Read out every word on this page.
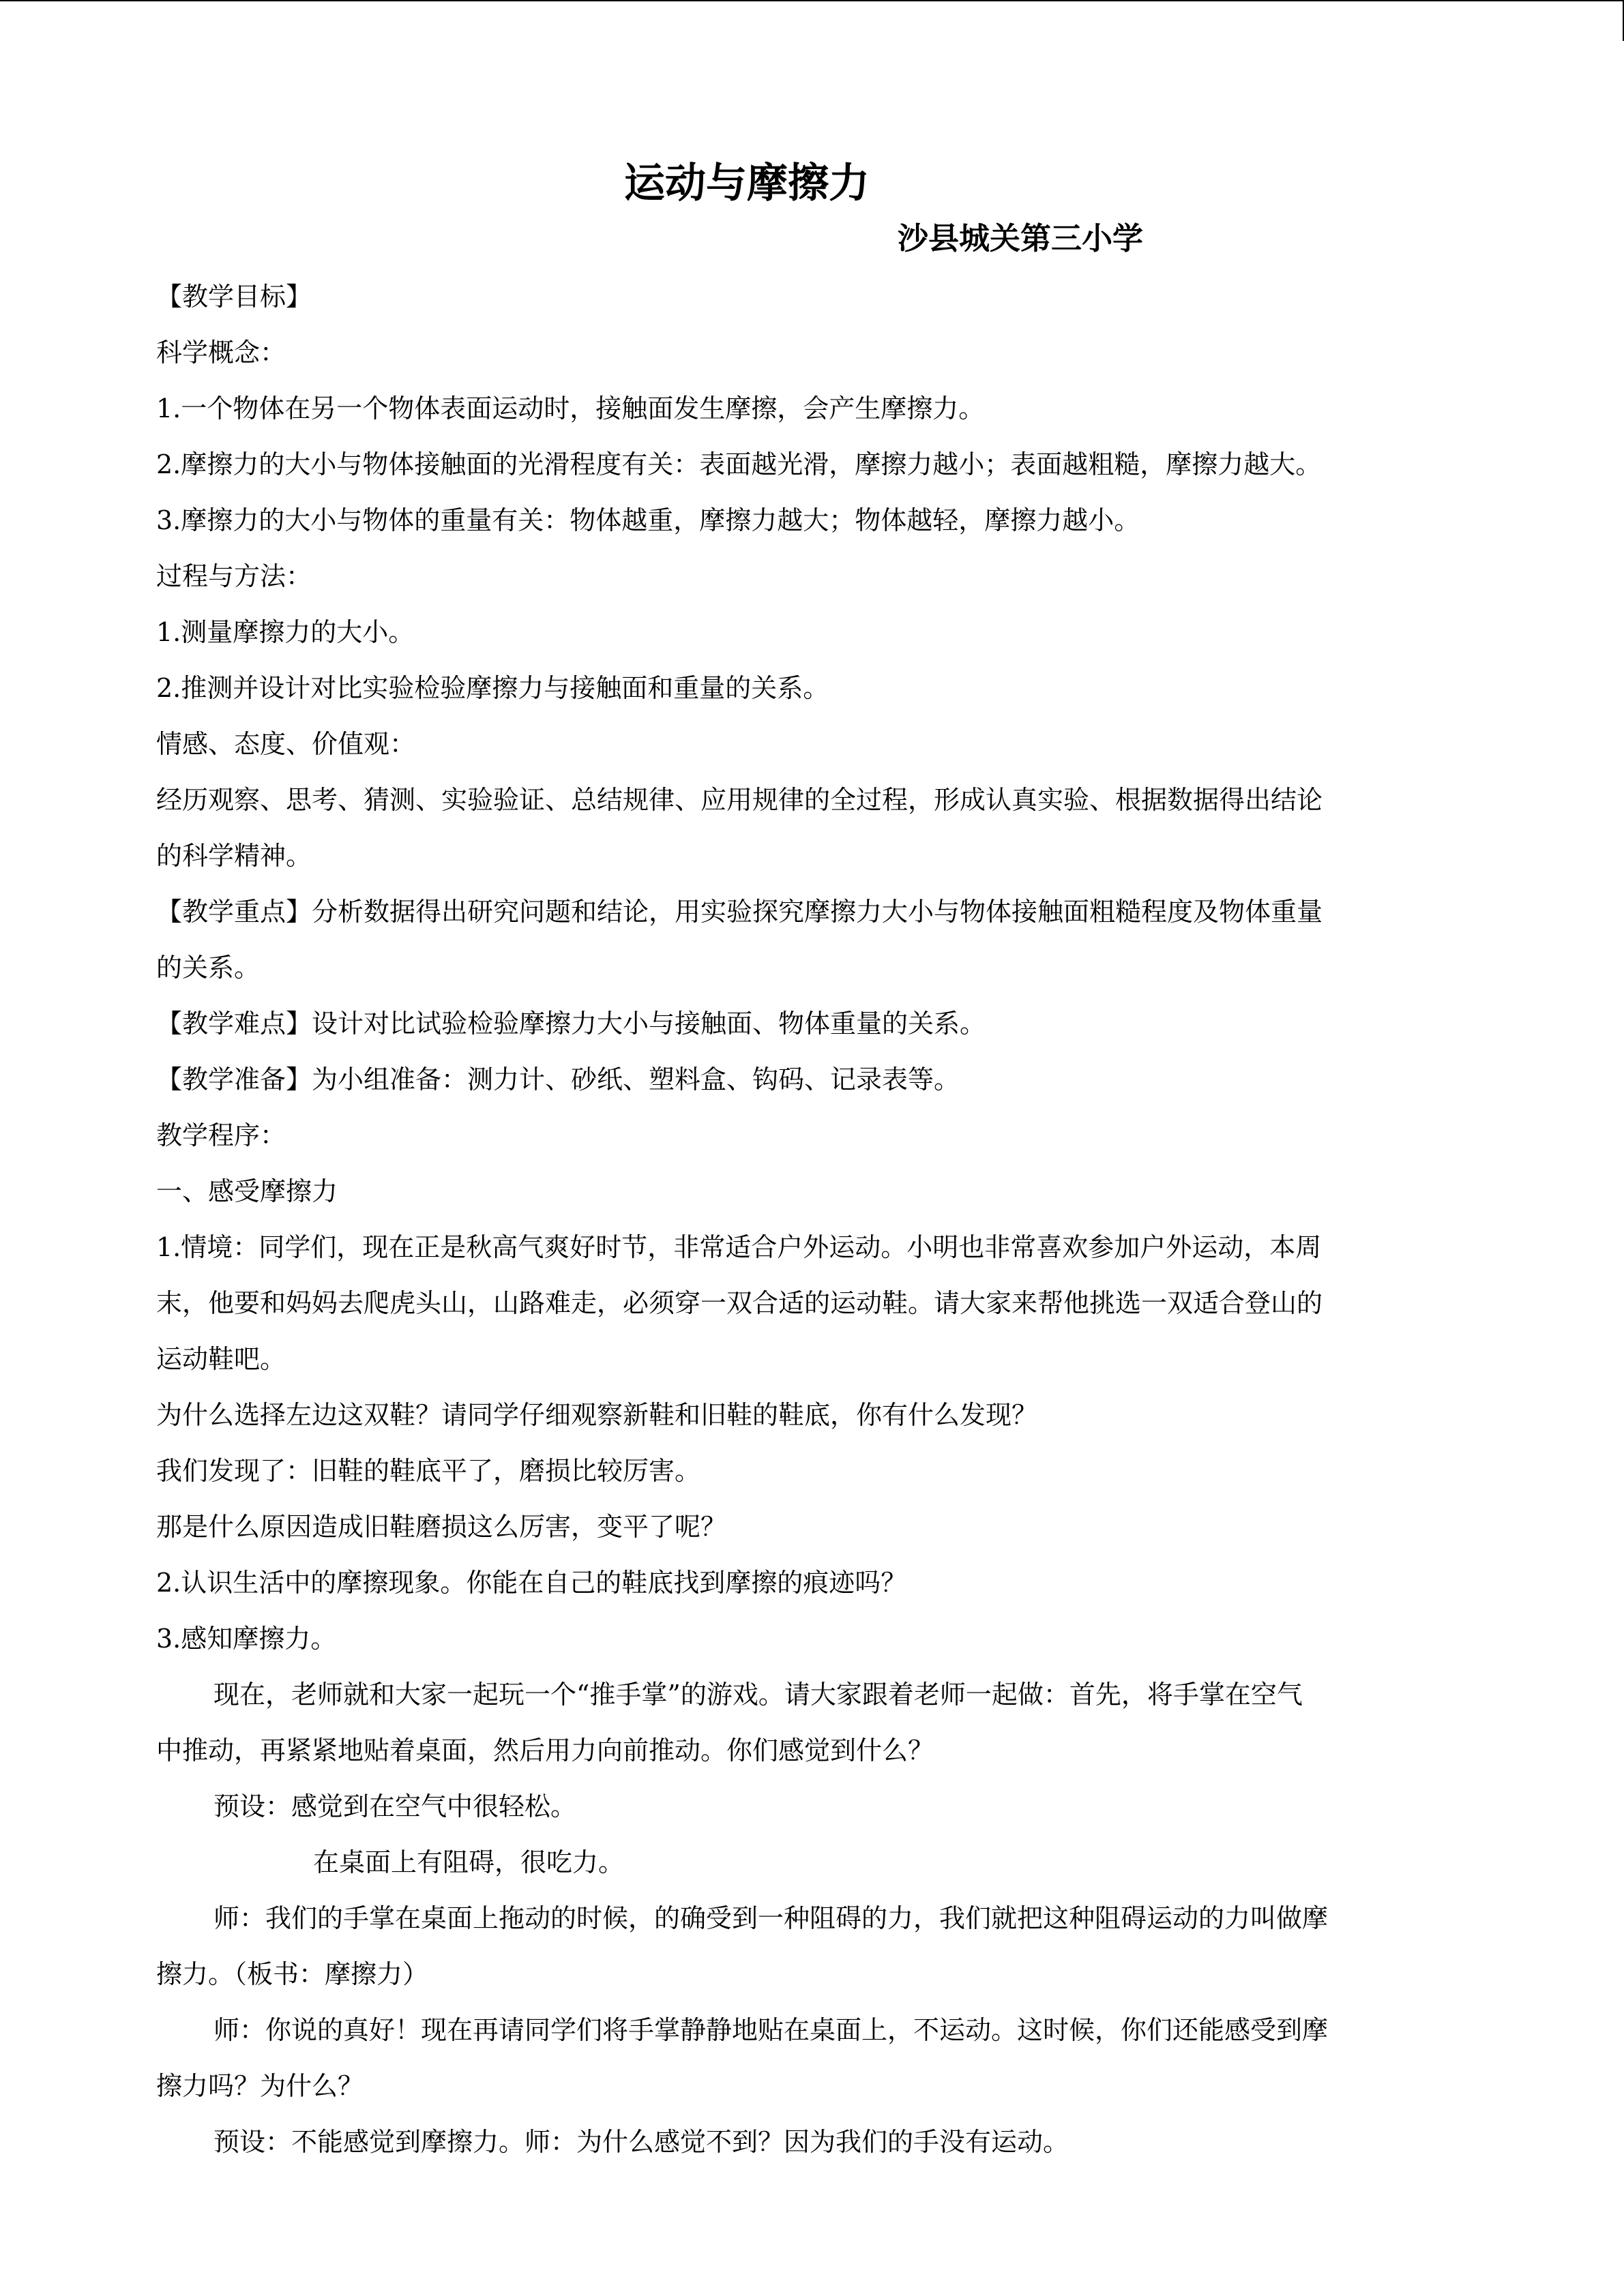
运动与摩擦力
沙县城关第三小学
【教学目标】
科学概念：
1.一个物体在另一个物体表面运动时，接触面发生摩擦，会产生摩擦力。
2.摩擦力的大小与物体接触面的光滑程度有关：表面越光滑，摩擦力越小；表面越粗糙，摩擦力越大。
3.摩擦力的大小与物体的重量有关：物体越重，摩擦力越大；物体越轻，摩擦力越小。
过程与方法：
1.测量摩擦力的大小。
2.推测并设计对比实验检验摩擦力与接触面和重量的关系。
情感、态度、价值观：
经历观察、思考、猜测、实验验证、总结规律、应用规律的全过程，形成认真实验、根据数据得出结论
的科学精神。
【教学重点】分析数据得出研究问题和结论，用实验探究摩擦力大小与物体接触面粗糙程度及物体重量
的关系。
【教学难点】设计对比试验检验摩擦力大小与接触面、物体重量的关系。
【教学准备】为小组准备：测力计、砂纸、塑料盒、钩码、记录表等。
教学程序：
一、感受摩擦力
1.情境：同学们，现在正是秋高气爽好时节，非常适合户外运动。小明也非常喜欢参加户外运动，本周
末，他要和妈妈去爬虎头山，山路难走，必须穿一双合适的运动鞋。请大家来帮他挑选一双适合登山的
运动鞋吧。
为什么选择左边这双鞋？请同学仔细观察新鞋和旧鞋的鞋底，你有什么发现？
我们发现了：旧鞋的鞋底平了，磨损比较厉害。
那是什么原因造成旧鞋磨损这么厉害，变平了呢？
2.认识生活中的摩擦现象。你能在自己的鞋底找到摩擦的痕迹吗？
3.感知摩擦力。
现在，老师就和大家一起玩一个“推手掌”的游戏。请大家跟着老师一起做：首先，将手掌在空气
中推动，再紧紧地贴着桌面，然后用力向前推动。你们感觉到什么？
预设：感觉到在空气中很轻松。
在桌面上有阻碍，很吃力。
师：我们的手掌在桌面上拖动的时候，的确受到一种阻碍的力，我们就把这种阻碍运动的力叫做摩
擦力。（板书：摩擦力）
师：你说的真好！现在再请同学们将手掌静静地贴在桌面上，不运动。这时候，你们还能感受到摩
擦力吗？为什么？
预设：不能感觉到摩擦力。师：为什么感觉不到？因为我们的手没有运动。
